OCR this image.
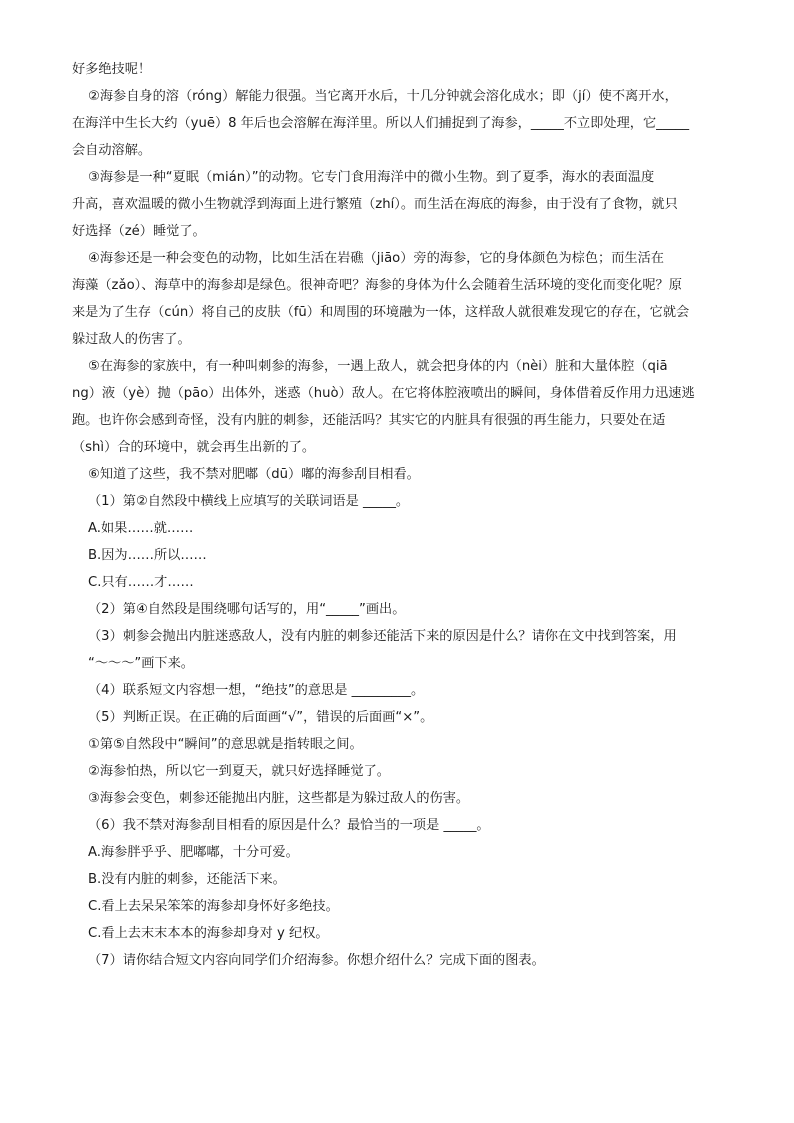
好多绝技呢！
②海参自身的溶（róng）解能力很强。当它离开水后，十几分钟就会溶化成水；即（jí）使不离开水，
在海洋中生长大约（yuē）8 年后也会溶解在海洋里。所以人们捕捉到了海参，_____不立即处理，它_____
会自动溶解。
③海参是一种“夏眠（mián）”的动物。它专门食用海洋中的微小生物。到了夏季，海水的表面温度
升高，喜欢温暖的微小生物就浮到海面上进行繁殖（zhí）。而生活在海底的海参，由于没有了食物，就只
好选择（zé）睡觉了。
④海参还是一种会变色的动物，比如生活在岩礁（jiāo）旁的海参，它的身体颜色为棕色；而生活在
海藻（zǎo）、海草中的海参却是绿色。很神奇吧？海参的身体为什么会随着生活环境的变化而变化呢？原
来是为了生存（cún）将自己的皮肤（fū）和周围的环境融为一体，这样敌人就很难发现它的存在，它就会
躲过敌人的伤害了。
⑤在海参的家族中，有一种叫刺参的海参，一遇上敌人，就会把身体的内（nèi）脏和大量体腔（qiā
ng）液（yè）抛（pāo）出体外，迷惑（huò）敌人。在它将体腔液喷出的瞬间，身体借着反作用力迅速逃
跑。也许你会感到奇怪，没有内脏的刺参，还能活吗？其实它的内脏具有很强的再生能力，只要处在适
（shì）合的环境中，就会再生出新的了。
⑥知道了这些，我不禁对肥嘟（dū）嘟的海参刮目相看。
（1）第②自然段中横线上应填写的关联词语是 _____。
A.如果……就……
B.因为……所以……
C.只有……才……
（2）第④自然段是围绕哪句话写的，用“_____”画出。
（3）刺参会抛出内脏迷惑敌人，没有内脏的刺参还能活下来的原因是什么？请你在文中找到答案，用
“～～～”画下来。
（4）联系短文内容想一想，“绝技”的意思是 _________。
（5）判断正误。在正确的后面画“√”，错误的后面画“×”。
①第⑤自然段中“瞬间”的意思就是指转眼之间。
②海参怕热，所以它一到夏天，就只好选择睡觉了。
③海参会变色，刺参还能抛出内脏，这些都是为躲过敌人的伤害。
（6）我不禁对海参刮目相看的原因是什么？最恰当的一项是 _____。
A.海参胖乎乎、肥嘟嘟，十分可爱。
B.没有内脏的刺参，还能活下来。
C.看上去呆呆笨笨的海参却身怀好多绝技。
C.看上去末末本本的海参却身对 y 纪权。
（7）请你结合短文内容向同学们介绍海参。你想介绍什么？完成下面的图表。
